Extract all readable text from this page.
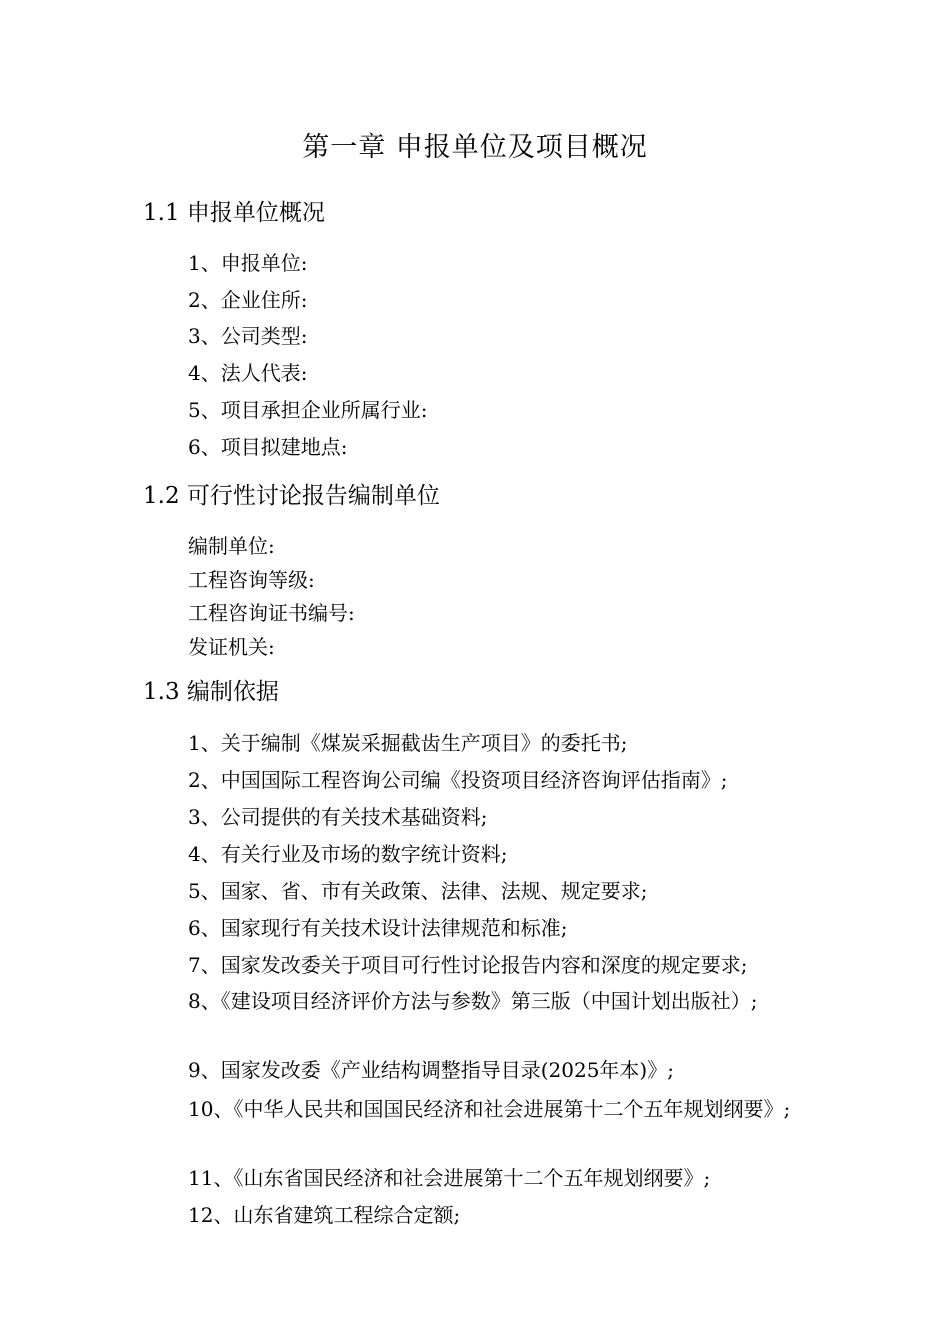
第一章 申报单位及项目概况
1.1 申报单位概况

1、申报单位:

2、企业住所:

3、公司类型:

4、法人代表:

5、项目承担企业所属行业:

6、项目拟建地点:

1.2 可行性讨论报告编制单位

编制单位:

工程咨询等级:

工程咨询证书编号:

发证机关:

1.3 编制依据

1、关于编制《煤炭采掘截齿生产项目》的委托书;

2、中国国际工程咨询公司编《投资项目经济咨询评估指南》;

3、公司提供的有关技术基础资料;

4、有关行业及市场的数字统计资料;

5、国家、省、市有关政策、法律、法规、规定要求;

6、国家现行有关技术设计法律规范和标准;

7、国家发改委关于项目可行性讨论报告内容和深度的规定要求;

8、《建设项目经济评价方法与参数》第三版（中国计划出版社）;

9、国家发改委《产业结构调整指导目录(2025年本)》;

10、《中华人民共和国国民经济和社会进展第十二个五年规划纲要》;

11、《山东省国民经济和社会进展第十二个五年规划纲要》;

12、山东省建筑工程综合定额;
